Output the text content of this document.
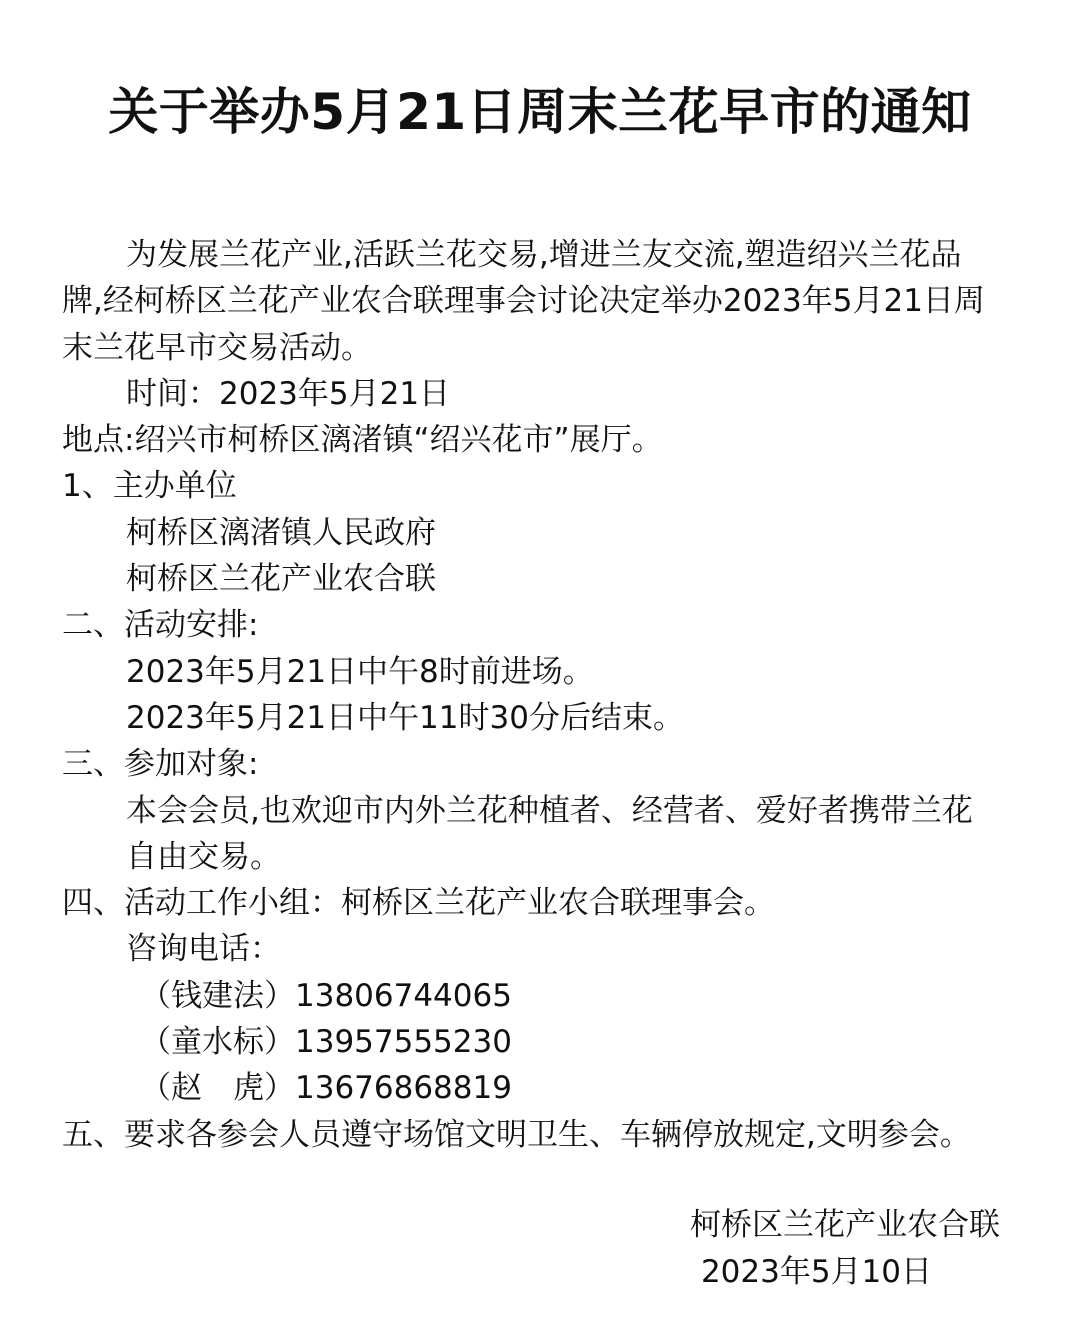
关于举办5月21日周末兰花早市的通知
为发展兰花产业,活跃兰花交易,增进兰友交流,塑造绍兴兰花品
牌,经柯桥区兰花产业农合联理事会讨论决定举办2023年5月21日周
末兰花早市交易活动。
时间：2023年5月21日
地点:绍兴市柯桥区漓渚镇“绍兴花市”展厅。
1、主办单位
柯桥区漓渚镇人民政府
柯桥区兰花产业农合联
二、活动安排:
2023年5月21日中午8时前进场。
2023年5月21日中午11时30分后结束。
三、参加对象:
本会会员,也欢迎市内外兰花种植者、经营者、爱好者携带兰花
自由交易。
四、活动工作小组：柯桥区兰花产业农合联理事会。
咨询电话：
（钱建法）13806744065
（童水标）13957555230
（赵　虎）13676868819
五、要求各参会人员遵守场馆文明卫生、车辆停放规定,文明参会。
柯桥区兰花产业农合联
2023年5月10日
